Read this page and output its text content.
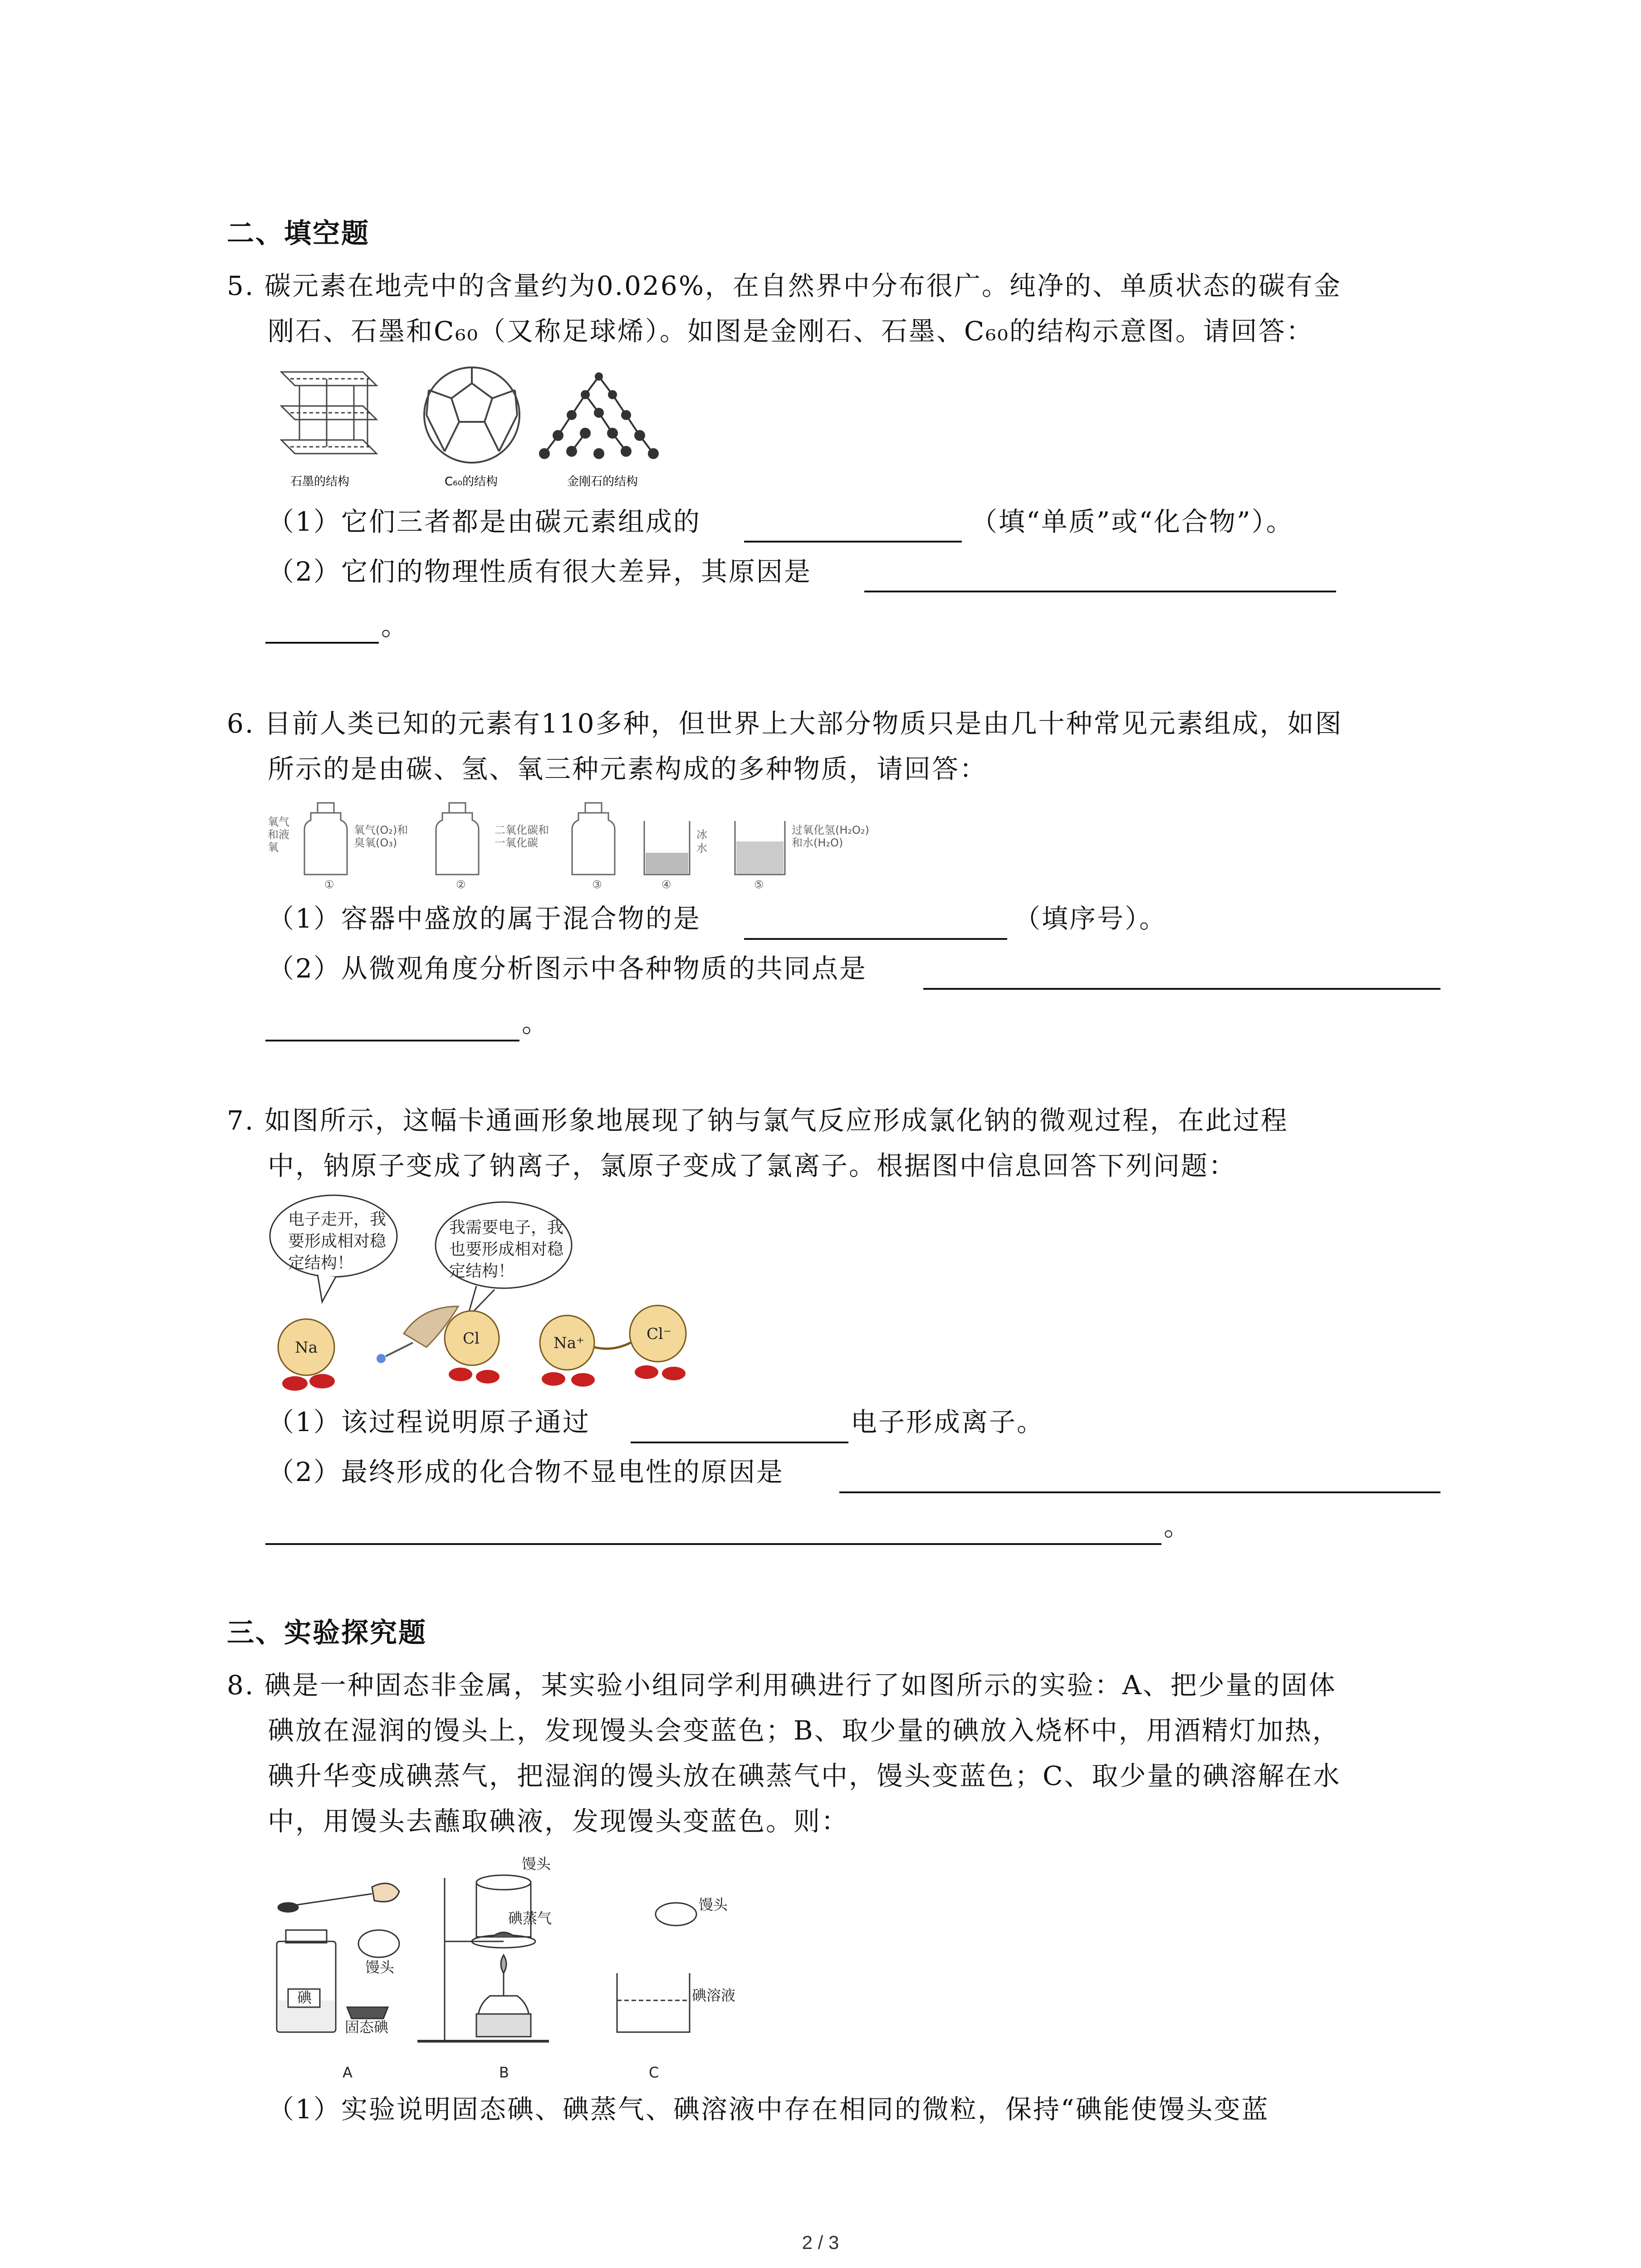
二、填空题
5. 碳元素在地壳中的含量约为0.026%，在自然界中分布很广。纯净的、单质状态的碳有金
刚石、石墨和C₆₀（又称足球烯）。如图是金刚石、石墨、C₆₀的结构示意图。请回答：
石墨的结构	C₆₀的结构	金刚石的结构
（1）它们三者都是由碳元素组成的	（填“单质”或“化合物”）。
（2）它们的物理性质有很大差异，其原因是
。
6. 目前人类已知的元素有110多种，但世界上大部分物质只是由几十种常见元素组成，如图
所示的是由碳、氢、氧三种元素构成的多种物质，请回答：
氧气
和液
氧
氧气(O₂)和
臭氧(O₃)
二氧化碳和
一氧化碳
冰
水
过氧化氢(H₂O₂)
和水(H₂O)
①	②	③	④	⑤
（1）容器中盛放的属于混合物的是	（填序号）。
（2）从微观角度分析图示中各种物质的共同点是
。
7. 如图所示，这幅卡通画形象地展现了钠与氯气反应形成氯化钠的微观过程，在此过程
中，钠原子变成了钠离子，氯原子变成了氯离子。根据图中信息回答下列问题：
电子走开，我
要形成相对稳
定结构！
我需要电子，我
也要形成相对稳
定结构！
Na	Cl	Na⁺	Cl⁻
（1）该过程说明原子通过	电子形成离子。
（2）最终形成的化合物不显电性的原因是
。
三、实验探究题
8. 碘是一种固态非金属，某实验小组同学利用碘进行了如图所示的实验：A、把少量的固体
碘放在湿润的馒头上，发现馒头会变蓝色；B、取少量的碘放入烧杯中，用酒精灯加热，
碘升华变成碘蒸气，把湿润的馒头放在碘蒸气中，馒头变蓝色；C、取少量的碘溶解在水
中，用馒头去蘸取碘液，发现馒头变蓝色。则：
碘
固态碘
馒头
馒头
碘蒸气
馒头
碘溶液
A	B	C
（1）实验说明固态碘、碘蒸气、碘溶液中存在相同的微粒，保持“碘能使馒头变蓝
2 / 3
